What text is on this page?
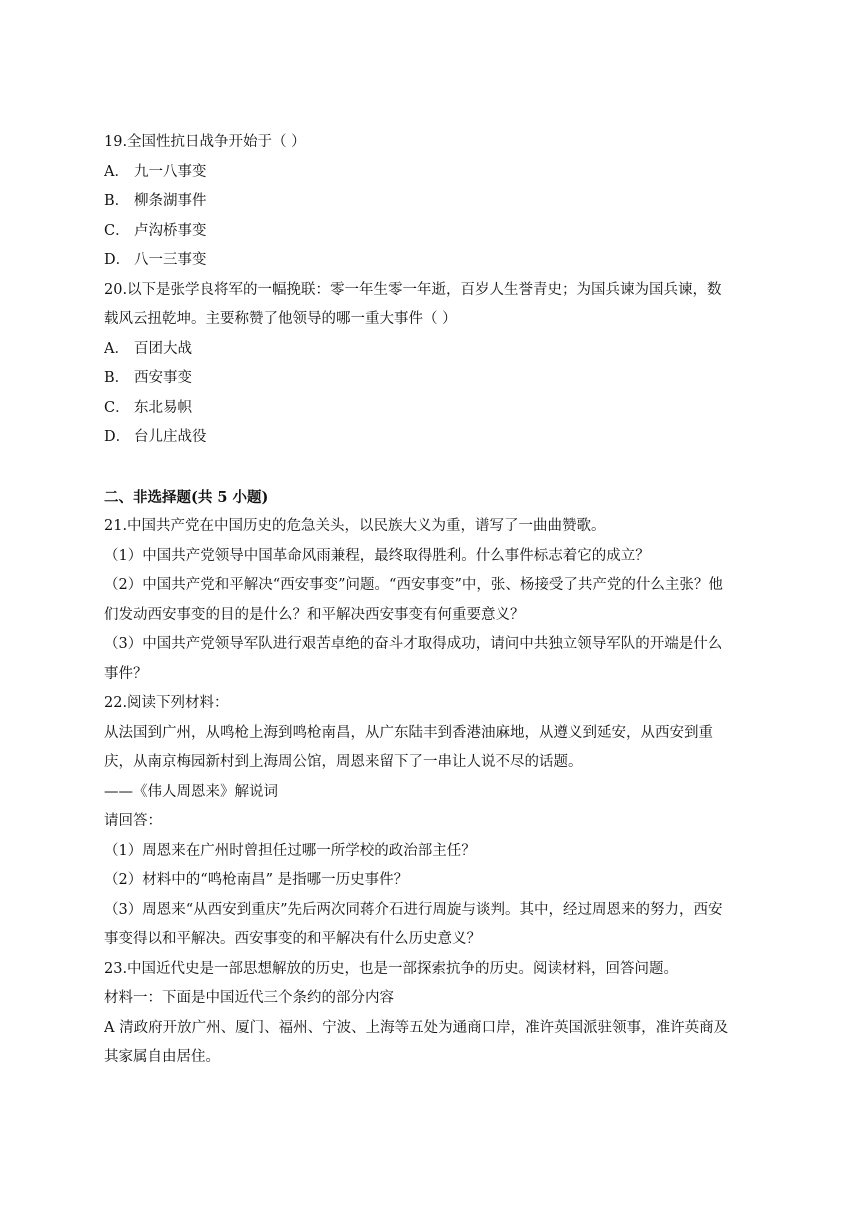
19.全国性抗日战争开始于（ ）
A． 九一八事变
B． 柳条湖事件
C． 卢沟桥事变
D． 八一三事变
20.以下是张学良将军的一幅挽联：零一年生零一年逝，百岁人生誉青史；为国兵谏为国兵谏，数
载风云扭乾坤。主要称赞了他领导的哪一重大事件（ ）
A． 百团大战
B． 西安事变
C． 东北易帜
D． 台儿庄战役
二、非选择题(共 5 小题)
21.中国共产党在中国历史的危急关头，以民族大义为重，谱写了一曲曲赞歌。
（1）中国共产党领导中国革命风雨兼程，最终取得胜利。什么事件标志着它的成立？
（2）中国共产党和平解决“西安事变”问题。“西安事变”中，张、杨接受了共产党的什么主张？他
们发动西安事变的目的是什么？和平解决西安事变有何重要意义？
（3）中国共产党领导军队进行艰苦卓绝的奋斗才取得成功，请问中共独立领导军队的开端是什么
事件？
22.阅读下列材料：
从法国到广州，从鸣枪上海到鸣枪南昌，从广东陆丰到香港油麻地，从遵义到延安，从西安到重
庆，从南京梅园新村到上海周公馆，周恩来留下了一串让人说不尽的话题。
——《伟人周恩来》解说词
请回答：
（1）周恩来在广州时曾担任过哪一所学校的政治部主任？
（2）材料中的“鸣枪南昌” 是指哪一历史事件？
（3）周恩来“从西安到重庆”先后两次同蒋介石进行周旋与谈判。其中，经过周恩来的努力，西安
事变得以和平解决。西安事变的和平解决有什么历史意义？
23.中国近代史是一部思想解放的历史，也是一部探索抗争的历史。阅读材料，回答问题。
材料一：下面是中国近代三个条约的部分内容
A 清政府开放广州、厦门、福州、宁波、上海等五处为通商口岸，准许英国派驻领事，准许英商及
其家属自由居住。
